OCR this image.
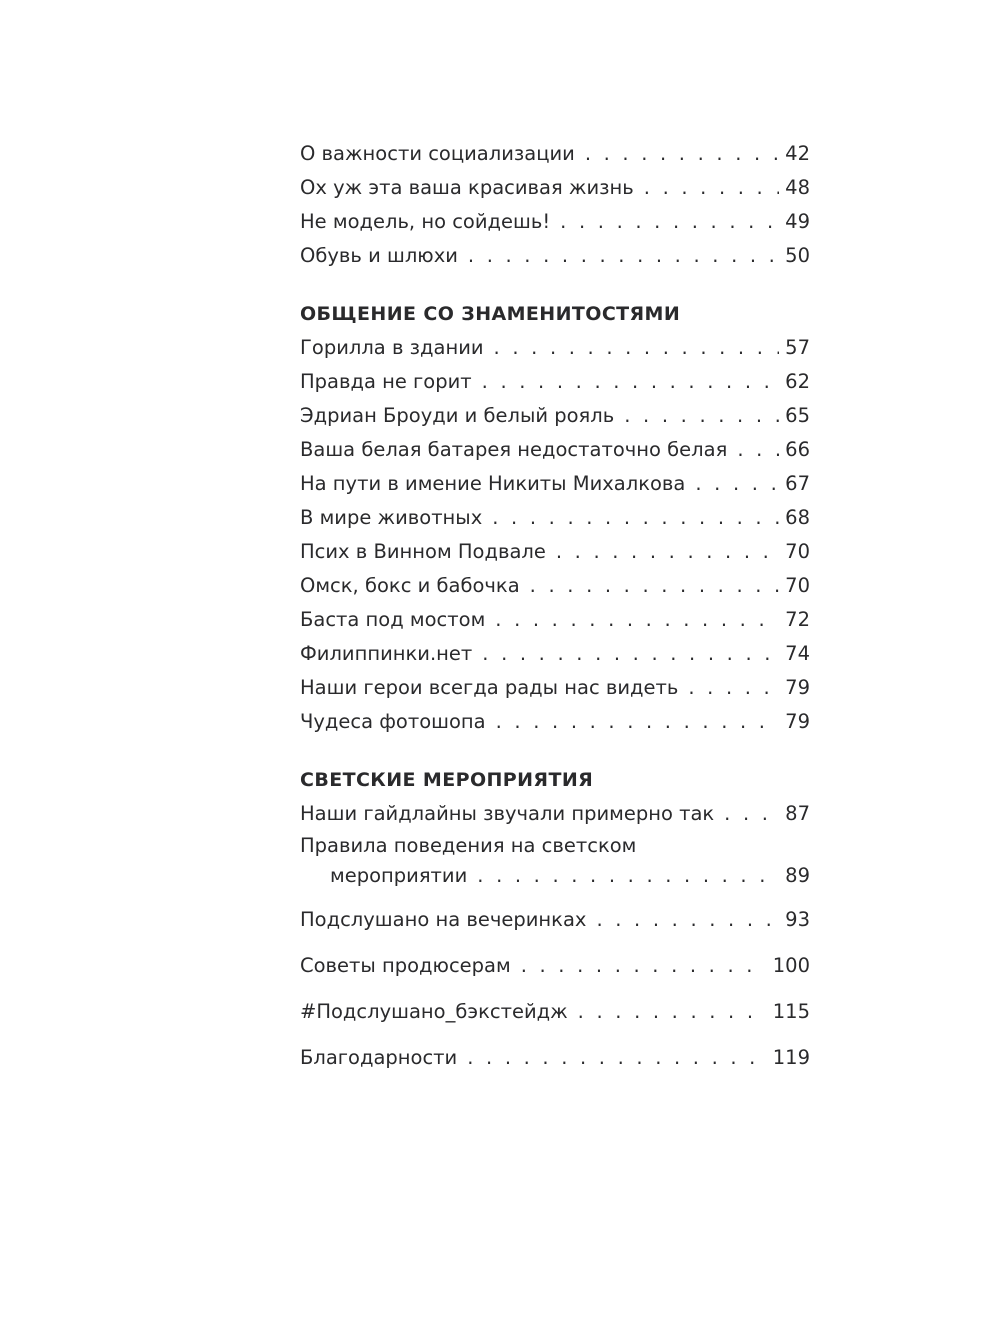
О важности социализации . . .	42
Ох уж эта ваша красивая жизнь . . .	48
Не модель, но сойдешь! . . .	49
Обувь и шлюхи . . .	50
ОБЩЕНИЕ СО ЗНАМЕНИТОСТЯМИ
Горилла в здании . . .	57
Правда не горит . . .	62
Эдриан Броуди и белый рояль . . .	65
Ваша белая батарея недостаточно белая . . .	66
На пути в имение Никиты Михалкова . . .	67
В мире животных . . .	68
Псих в Винном Подвале . . .	70
Омск, бокс и бабочка . . .	70
Баста под мостом . . .	72
Филиппинки.нет . . .	74
Наши герои всегда рады нас видеть . . .	79
Чудеса фотошопа . . .	79
СВЕТСКИЕ МЕРОПРИЯТИЯ
Наши гайдлайны звучали примерно так . . .	87
Правила поведения на светском
мероприятии . . .	89
Подслушано на вечеринках . . .	93
Советы продюсерам . . .	100
#Подслушано_бэкстейдж . . .	115
Благодарности . . .	119
